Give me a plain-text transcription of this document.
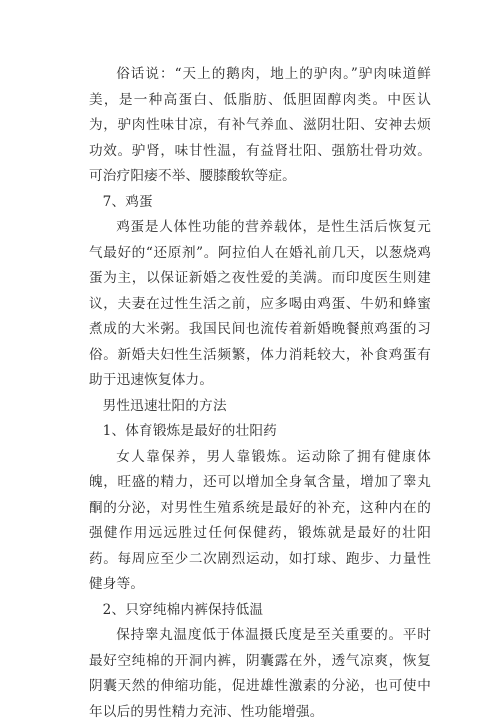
俗话说：“天上的鹅肉，地上的驴肉。”驴肉味道鲜美，是一种高蛋白、低脂肪、低胆固醇肉类。中医认为，驴肉性味甘凉，有补气养血、滋阴壮阳、安神去烦功效。驴肾，味甘性温，有益肾壮阳、强筋壮骨功效。可治疗阳痿不举、腰膝酸软等症。

7、鸡蛋

鸡蛋是人体性功能的营养载体，是性生活后恢复元气最好的“还原剂”。阿拉伯人在婚礼前几天，以葱烧鸡蛋为主，以保证新婚之夜性爱的美满。而印度医生则建议，夫妻在过性生活之前，应多喝由鸡蛋、牛奶和蜂蜜煮成的大米粥。我国民间也流传着新婚晚餐煎鸡蛋的习俗。新婚夫妇性生活频繁，体力消耗较大，补食鸡蛋有助于迅速恢复体力。

男性迅速壮阳的方法

1、体育锻炼是最好的壮阳药

女人靠保养，男人靠锻炼。运动除了拥有健康体魄，旺盛的精力，还可以增加全身氧含量，增加了睾丸酮的分泌，对男性生殖系统是最好的补充，这种内在的强健作用远远胜过任何保健药，锻炼就是最好的壮阳药。每周应至少二次剧烈运动，如打球、跑步、力量性健身等。

2、只穿纯棉内裤保持低温

保持睾丸温度低于体温摄氏度是至关重要的。平时最好空纯棉的开洞内裤，阴囊露在外，透气凉爽，恢复阴囊天然的伸缩功能，促进雄性激素的分泌，也可使中年以后的男性精力充沛、性功能增强。
